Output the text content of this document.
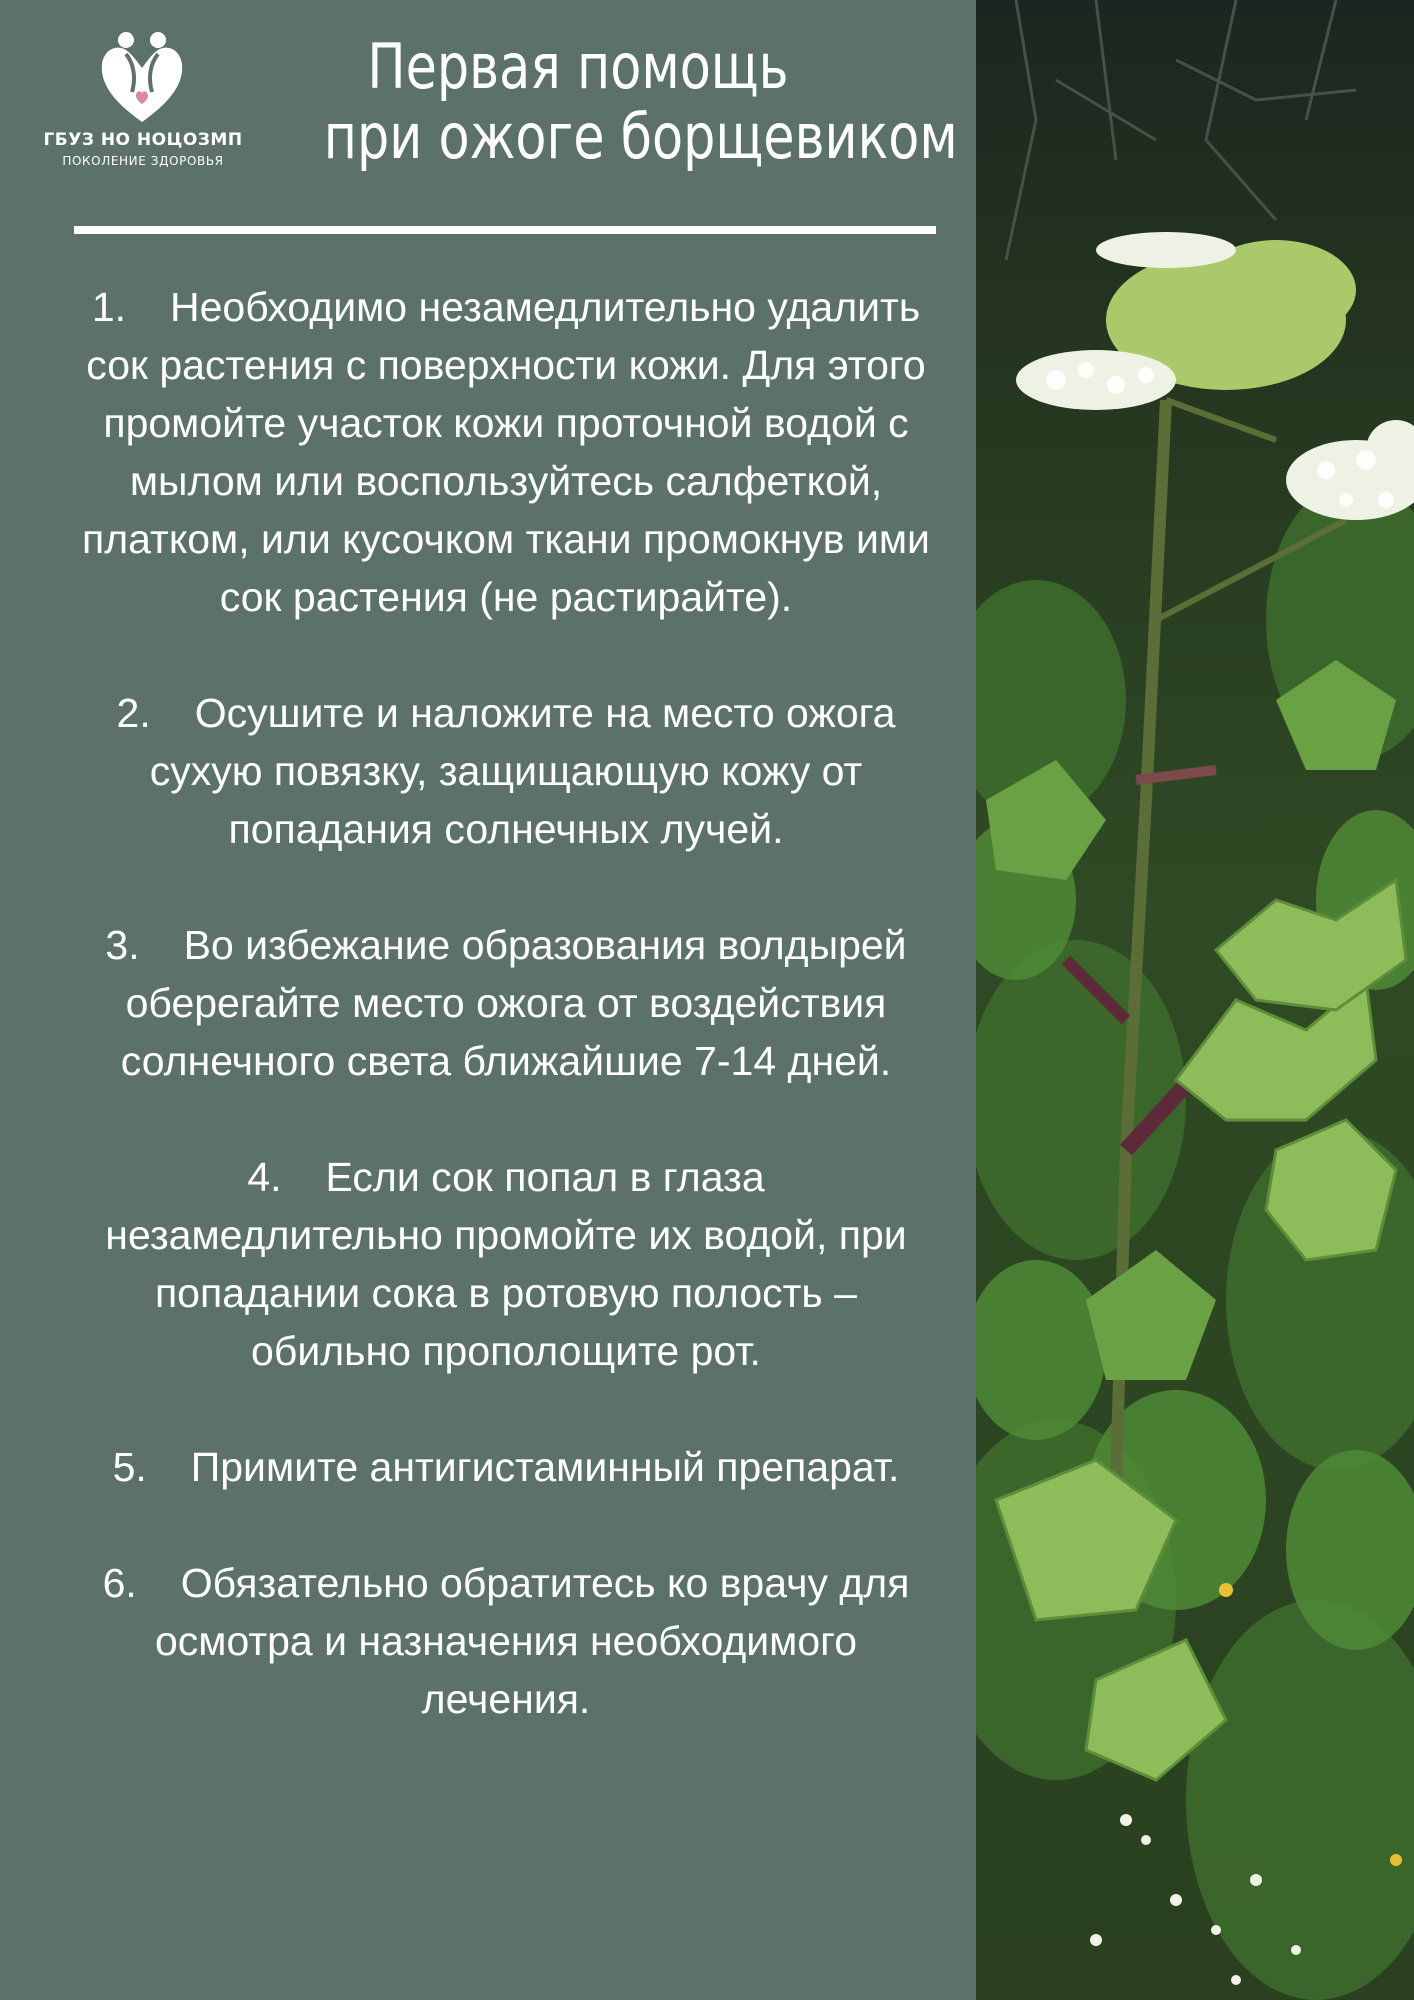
ГБУЗ НО НОЦОЗМП
ПОКОЛЕНИЕ ЗДОРОВЬЯ
Первая помощь
при ожоге борщевиком
1. Необходимо незамедлительно удалить сок растения с поверхности кожи. Для этого промойте участок кожи проточной водой с мылом или воспользуйтесь салфеткой, платком, или кусочком ткани промокнув ими сок растения (не растирайте).
2. Осушите и наложите на место ожога сухую повязку, защищающую кожу от попадания солнечных лучей.
3. Во избежание образования волдырей оберегайте место ожога от воздействия солнечного света ближайшие 7-14 дней.
4. Если сок попал в глаза незамедлительно промойте их водой, при попадании сока в ротовую полость – обильно прополощите рот.
5. Примите антигистаминный препарат.
6. Обязательно обратитесь ко врачу для осмотра и назначения необходимого лечения.
